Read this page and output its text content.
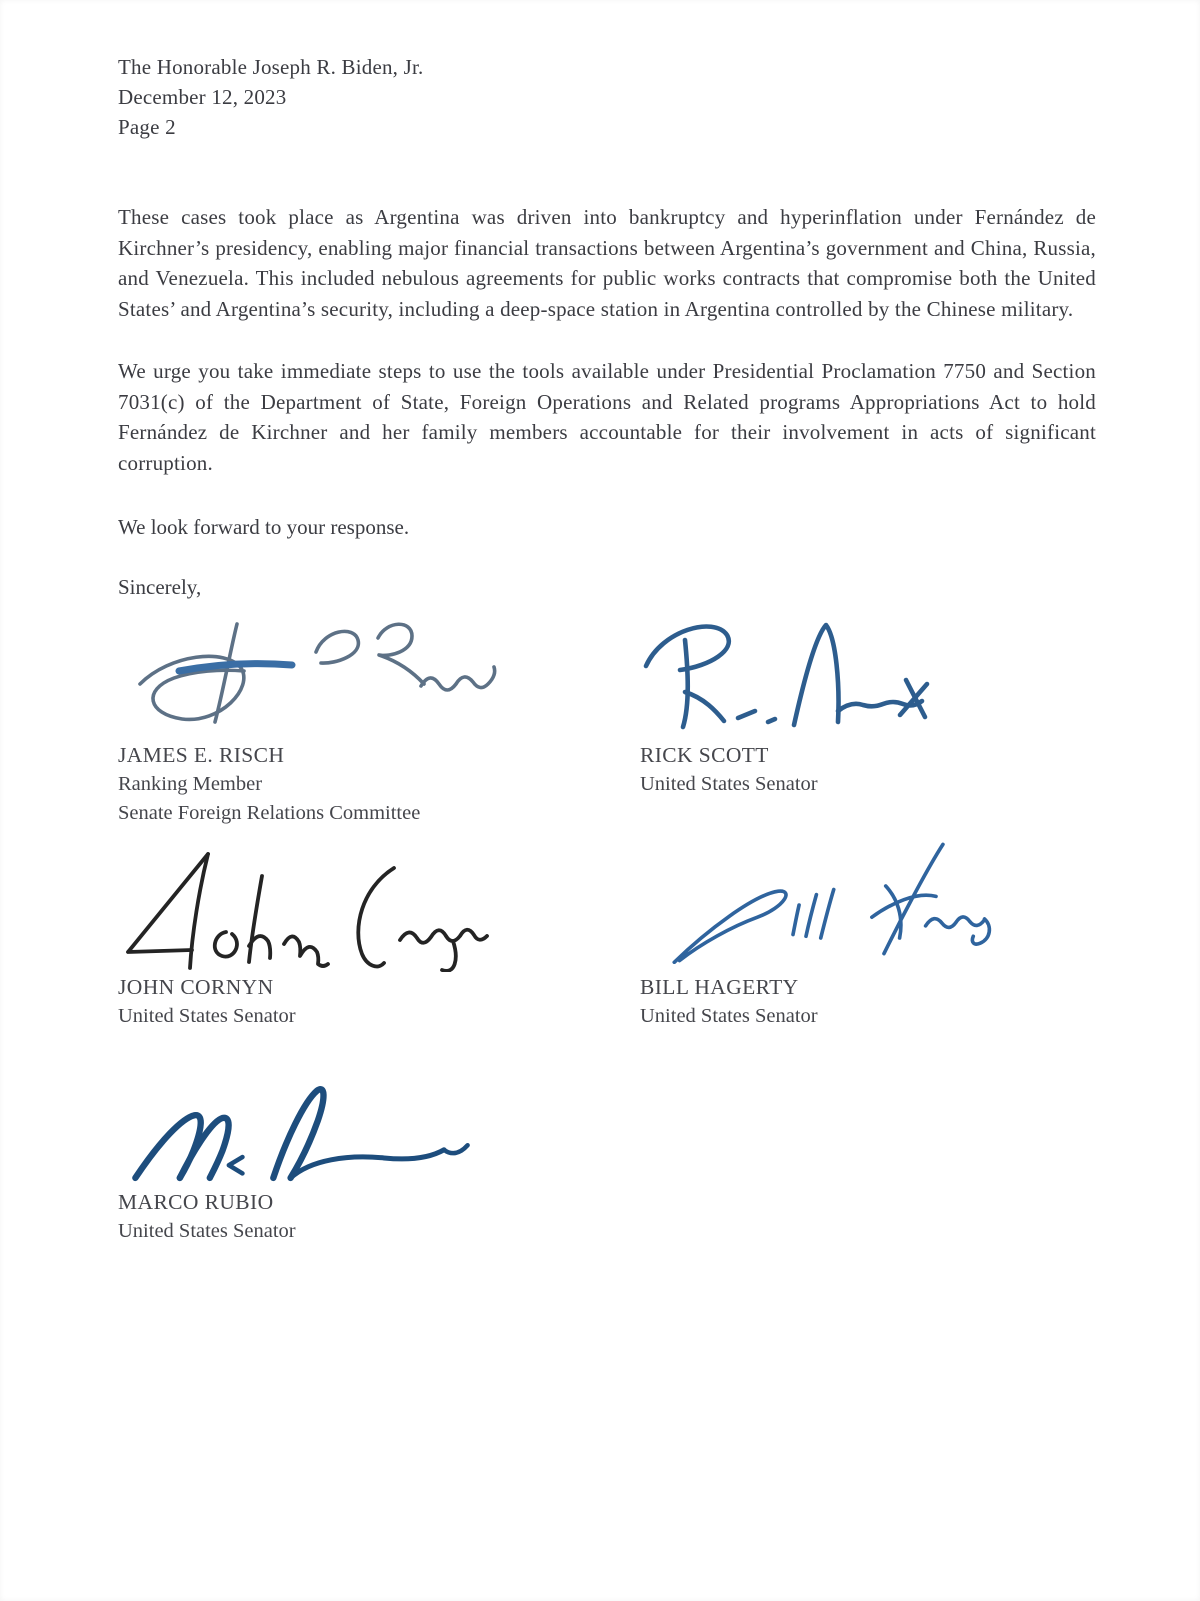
The Honorable Joseph R. Biden, Jr.
December 12, 2023
Page 2
These cases took place as Argentina was driven into bankruptcy and hyperinflation under Fernández de Kirchner’s presidency, enabling major financial transactions between Argentina’s government and China, Russia, and Venezuela. This included nebulous agreements for public works contracts that compromise both the United States’ and Argentina’s security, including a deep-space station in Argentina controlled by the Chinese military.
We urge you take immediate steps to use the tools available under Presidential Proclamation 7750 and Section 7031(c) of the Department of State, Foreign Operations and Related programs Appropriations Act to hold Fernández de Kirchner and her family members accountable for their involvement in acts of significant corruption.
We look forward to your response.
Sincerely,
JAMES E. RISCH
Ranking Member
Senate Foreign Relations Committee
RICK SCOTT
United States Senator
JOHN CORNYN
United States Senator
BILL HAGERTY
United States Senator
MARCO RUBIO
United States Senator
